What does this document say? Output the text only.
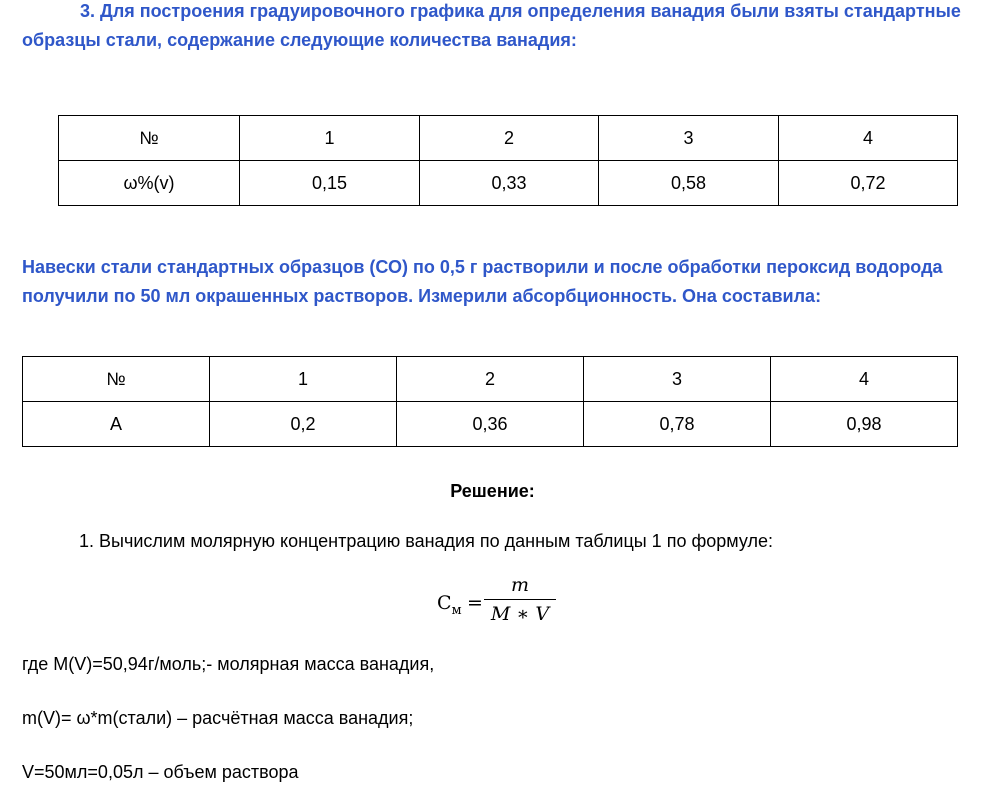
3. Для построения градуировочного графика для определения ванадия были взяты стандартные образцы стали, содержание следующие количества ванадия:

№	1	2	3	4
ω%(v)	0,15	0,33	0,58	0,72

Навески стали стандартных образцов (СО) по 0,5 г растворили и после обработки пероксид водорода получили по 50 мл окрашенных растворов. Измерили абсорбционность. Она составила:

№	1	2	3	4
А	0,2	0,36	0,78	0,98
Решение:
1. Вычислим молярную концентрацию ванадия по данным таблицы 1 по формуле:
$C_м$ =
m
M ∗ V
где М(V)=50,94г/моль;- молярная масса ванадия,
m(V)= ω*m(стали) – расчётная масса ванадия;
V=50мл=0,05л – объем раствора
